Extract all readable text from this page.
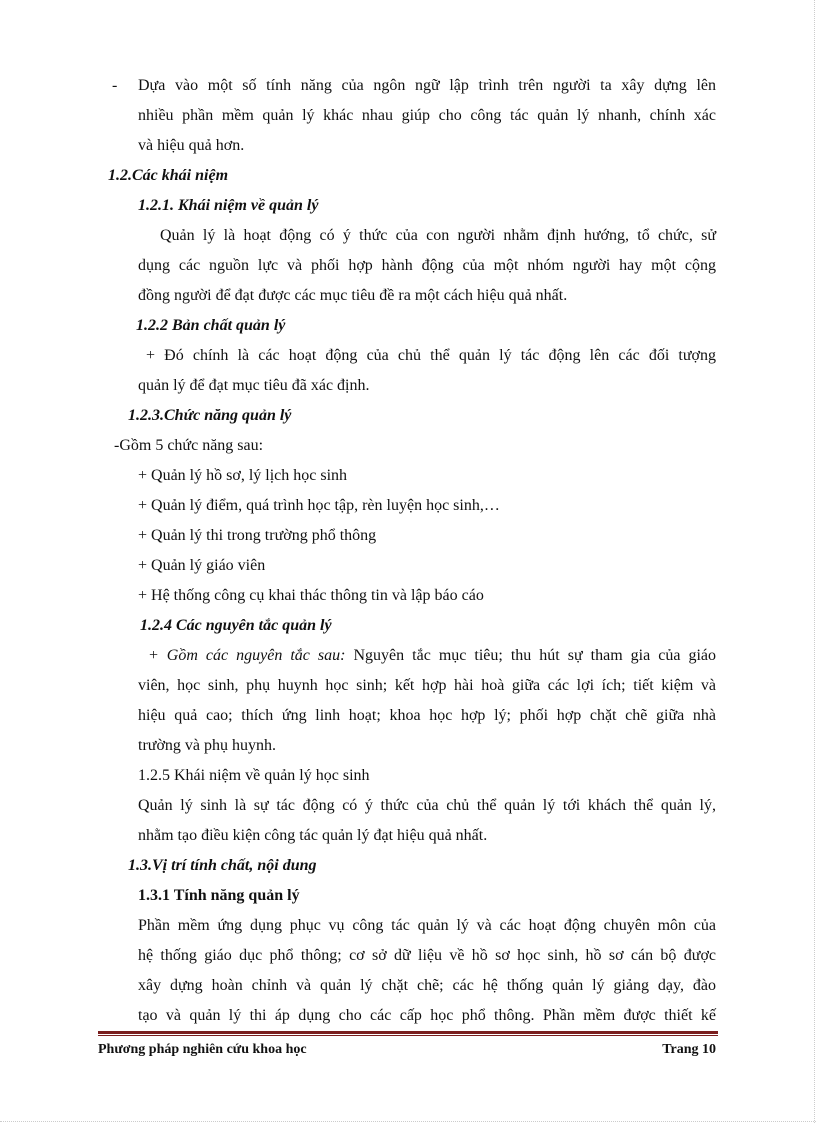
- Dựa vào một số tính năng của ngôn ngữ lập trình trên người ta xây dựng lên
nhiều phần mềm quản lý khác nhau giúp cho công tác quản lý nhanh, chính xác
và hiệu quả hơn.
1.2.Các khái niệm
1.2.1. Khái niệm về quản lý
Quản lý là hoạt động có ý thức của con người nhằm định hướng, tổ chức, sử
dụng các nguồn lực và phối hợp hành động của một nhóm người hay một cộng
đồng người để đạt được các mục tiêu đề ra một cách hiệu quả nhất.
1.2.2 Bản chất quản lý
+ Đó chính là các hoạt động của chủ thể quản lý tác động lên các đối tượng
quản lý để đạt mục tiêu đã xác định.
1.2.3.Chức năng quản lý
-Gồm 5 chức năng sau:
+ Quản lý hồ sơ, lý lịch học sinh
+ Quản lý điểm, quá trình học tập, rèn luyện học sinh,…
+ Quản lý thi trong trường phổ thông
+ Quản lý giáo viên
+ Hệ thống công cụ khai thác thông tin và lập báo cáo
1.2.4 Các nguyên tắc quản lý
+ Gồm các nguyên tắc sau: Nguyên tắc mục tiêu; thu hút sự tham gia của giáo
viên, học sinh, phụ huynh học sinh; kết hợp hài hoà giữa các lợi ích; tiết kiệm và
hiệu quả cao; thích ứng linh hoạt; khoa học hợp lý; phối hợp chặt chẽ giữa nhà
trường và phụ huynh.
1.2.5 Khái niệm về quản lý học sinh
Quản lý sinh là sự tác động có ý thức của chủ thể quản lý tới khách thể quản lý,
nhằm tạo điều kiện công tác quản lý đạt hiệu quả nhất.
1.3.Vị trí tính chất, nội dung
1.3.1 Tính năng quản lý
Phần mềm ứng dụng phục vụ công tác quản lý và các hoạt động chuyên môn của
hệ thống giáo dục phổ thông; cơ sở dữ liệu về hồ sơ học sinh, hồ sơ cán bộ được
xây dựng hoàn chỉnh và quản lý chặt chẽ; các hệ thống quản lý giảng dạy, đào
tạo và quản lý thi áp dụng cho các cấp học phổ thông. Phần mềm được thiết kế
Phương pháp nghiên cứu khoa học	Trang 10
